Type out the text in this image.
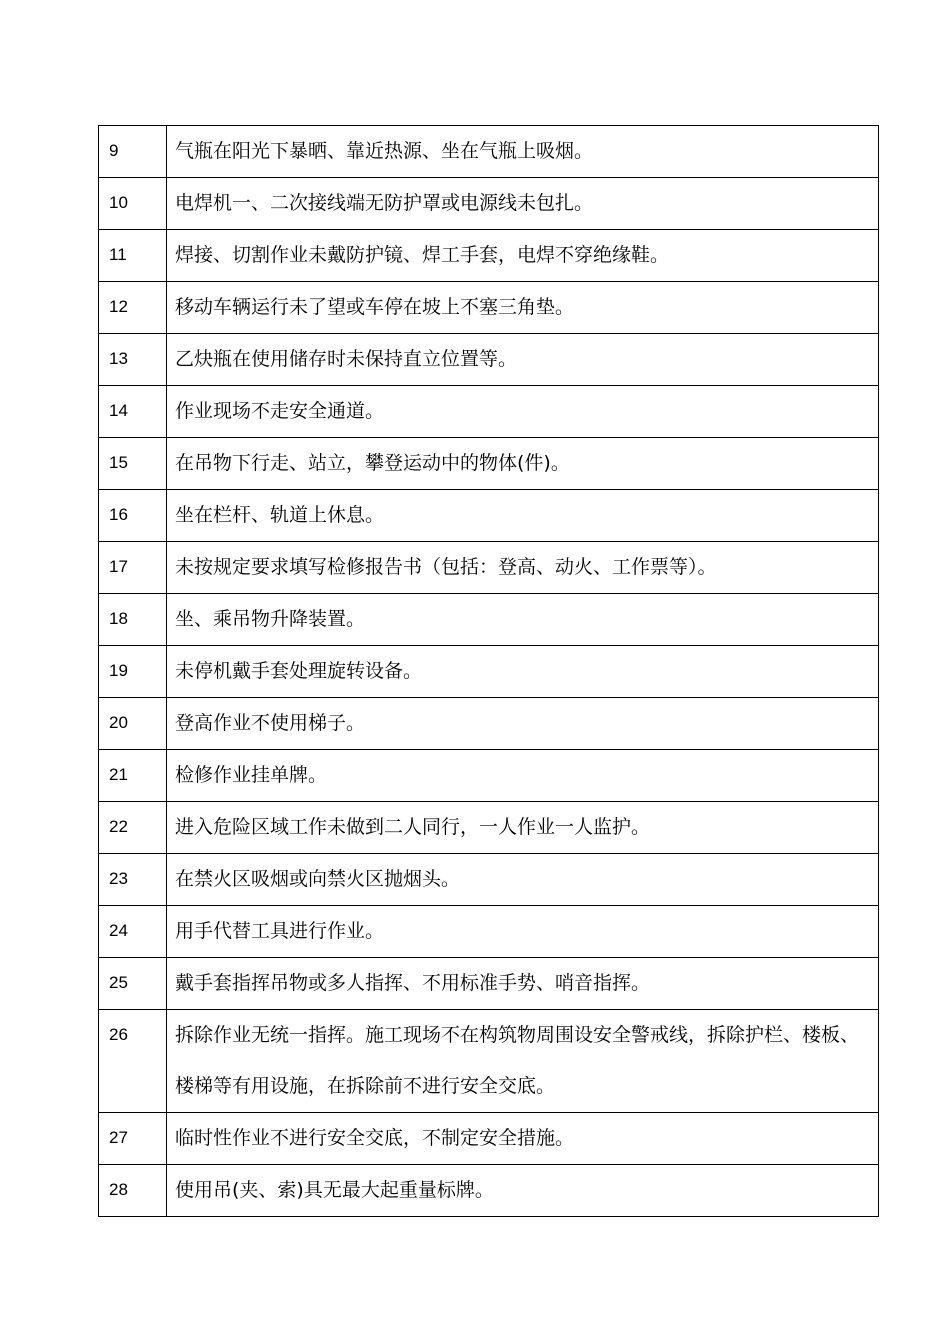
9	气瓶在阳光下暴晒、靠近热源、坐在气瓶上吸烟。
10	电焊机一、二次接线端无防护罩或电源线未包扎。
11	焊接、切割作业未戴防护镜、焊工手套，电焊不穿绝缘鞋。
12	移动车辆运行未了望或车停在坡上不塞三角垫。
13	乙炔瓶在使用储存时未保持直立位置等。
14	作业现场不走安全通道。
15	在吊物下行走、站立，攀登运动中的物体(件)。
16	坐在栏杆、轨道上休息。
17	未按规定要求填写检修报告书（包括：登高、动火、工作票等）。
18	坐、乘吊物升降装置。
19	未停机戴手套处理旋转设备。
20	登高作业不使用梯子。
21	检修作业挂单牌。
22	进入危险区域工作未做到二人同行，一人作业一人监护。
23	在禁火区吸烟或向禁火区抛烟头。
24	用手代替工具进行作业。
25	戴手套指挥吊物或多人指挥、不用标准手势、哨音指挥。
26	拆除作业无统一指挥。施工现场不在构筑物周围设安全警戒线，拆除护栏、楼板、楼梯等有用设施，在拆除前不进行安全交底。
27	临时性作业不进行安全交底，不制定安全措施。
28	使用吊(夹、索)具无最大起重量标牌。
